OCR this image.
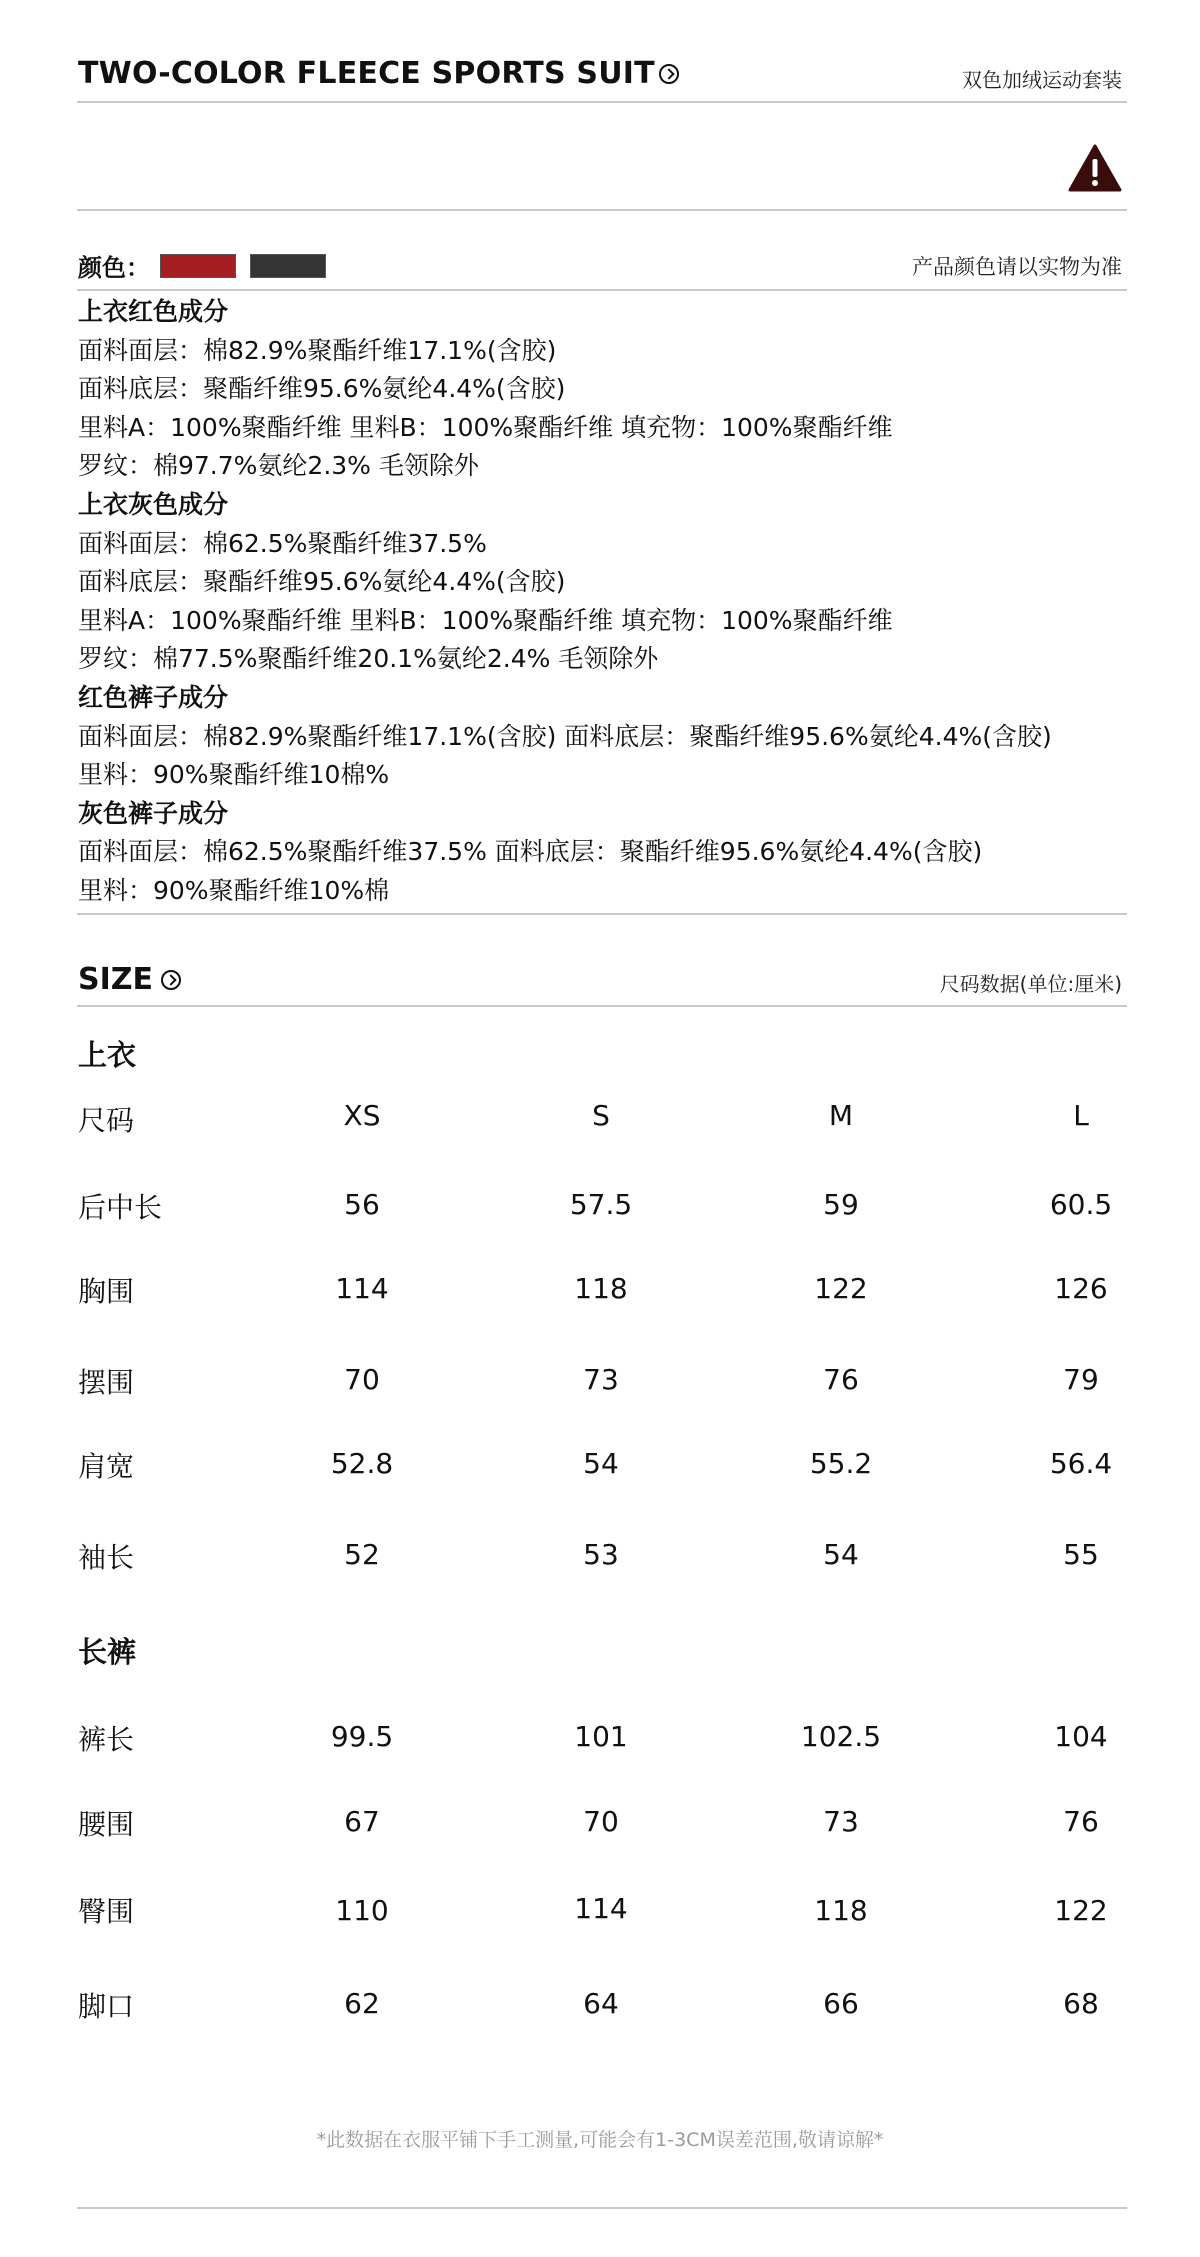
TWO-COLOR FLEECE SPORTS SUIT	双色加绒运动套装
颜色：	产品颜色请以实物为准
上衣红色成分
面料面层：棉82.9%聚酯纤维17.1%(含胶)
面料底层：聚酯纤维95.6%氨纶4.4%(含胶)
里料A：100%聚酯纤维 里料B：100%聚酯纤维 填充物：100%聚酯纤维
罗纹：棉97.7%氨纶2.3% 毛领除外
上衣灰色成分
面料面层：棉62.5%聚酯纤维37.5%
面料底层：聚酯纤维95.6%氨纶4.4%(含胶)
里料A：100%聚酯纤维 里料B：100%聚酯纤维 填充物：100%聚酯纤维
罗纹：棉77.5%聚酯纤维20.1%氨纶2.4% 毛领除外
红色裤子成分
面料面层：棉82.9%聚酯纤维17.1%(含胶) 面料底层：聚酯纤维95.6%氨纶4.4%(含胶)
里料：90%聚酯纤维10棉%
灰色裤子成分
面料面层：棉62.5%聚酯纤维37.5% 面料底层：聚酯纤维95.6%氨纶4.4%(含胶)
里料：90%聚酯纤维10%棉
SIZE	尺码数据(单位:厘米)
上衣
尺码	XS	S	M	L
后中长	56	57.5	59	60.5
胸围	114	118	122	126
摆围	70	73	76	79
肩宽	52.8	54	55.2	56.4
袖长	52	53	54	55
长裤
裤长	99.5	101	102.5	104
腰围	67	70	73	76
臀围	110	114	118	122
脚口	62	64	66	68
*此数据在衣服平铺下手工测量,可能会有1-3CM误差范围,敬请谅解*
